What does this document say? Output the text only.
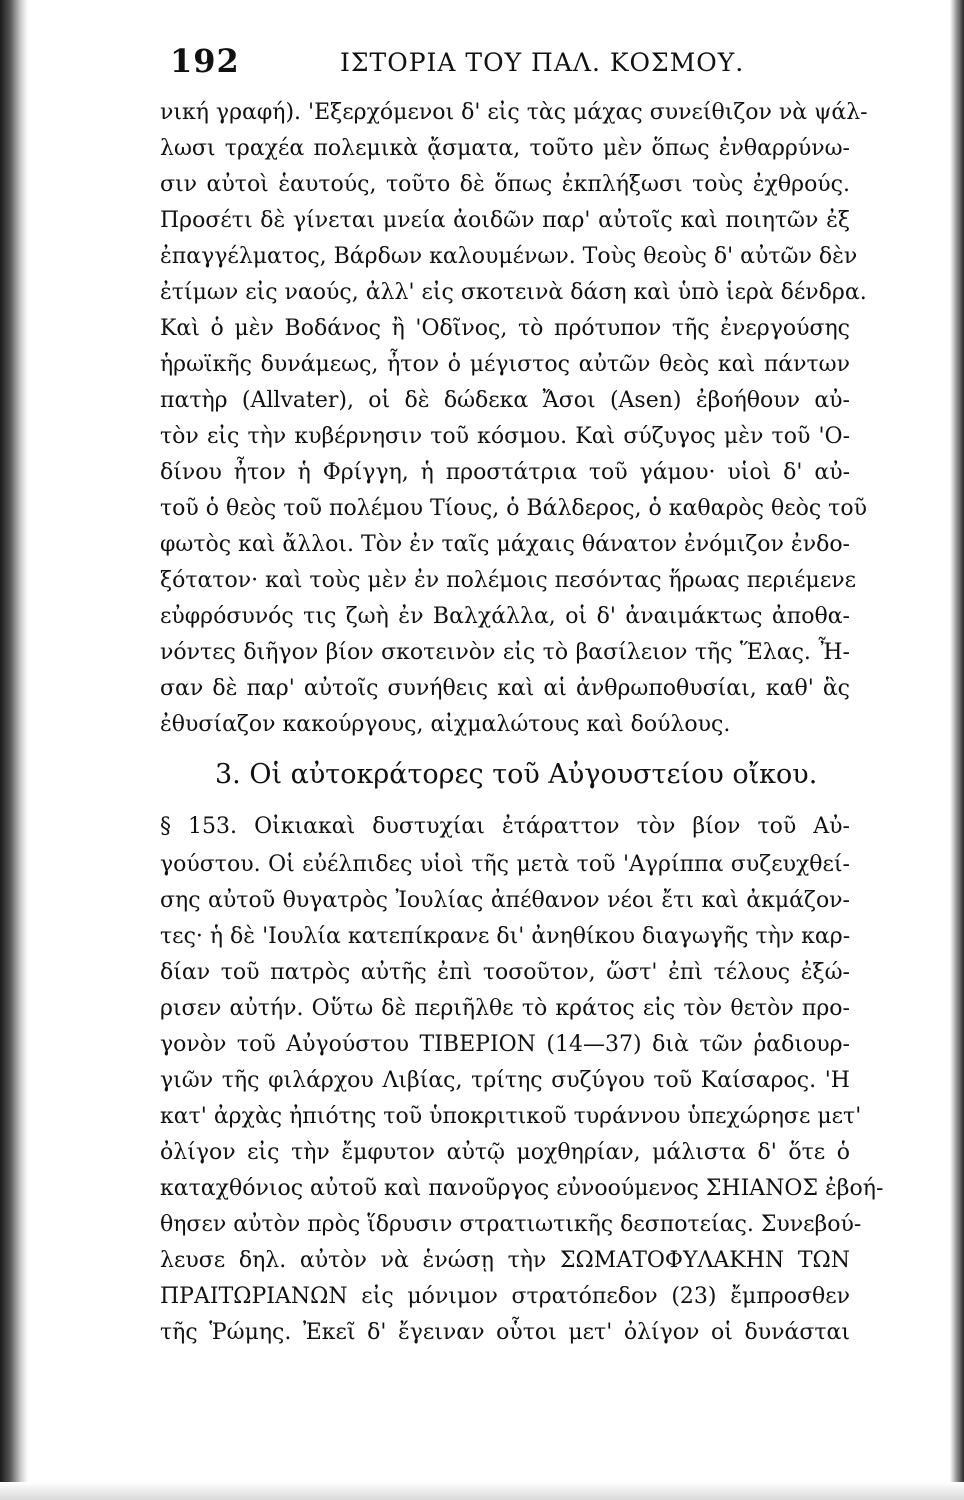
192	ΙΣΤΟΡΙΑ ΤΟΥ ΠΑΛ. ΚΟΣΜΟΥ.
νική γραφή). 'Εξερχόμενοι δ' εἰς τὰς μάχας συνείθιζον νὰ ψάλ-
λωσι τραχέα πολεμικὰ ᾄσματα, τοῦτο μὲν ὅπως ἐνθαρρύνω-
σιν αὐτοὶ ἑαυτούς, τοῦτο δὲ ὅπως ἐκπλήξωσι τοὺς ἐχθρούς.
Προσέτι δὲ γίνεται μνεία ἀοιδῶν παρ' αὐτοῖς καὶ ποιητῶν ἐξ
ἐπαγγέλματος, Βάρδων καλουμένων. Τοὺς θεοὺς δ' αὐτῶν δὲν
ἐτίμων εἰς ναούς, ἀλλ' εἰς σκοτεινὰ δάση καὶ ὑπὸ ἱερὰ δένδρα.
Καὶ ὁ μὲν Βοδάνος ἢ 'Οδῖνος, τὸ πρότυπον τῆς ἐνεργούσης
ἡρωϊκῆς δυνάμεως, ἦτον ὁ μέγιστος αὐτῶν θεὸς καὶ πάντων
πατὴρ (Allvater), οἱ δὲ δώδεκα Ἄσοι (Asen) ἐβοήθουν αὐ-
τὸν εἰς τὴν κυβέρνησιν τοῦ κόσμου. Καὶ σύζυγος μὲν τοῦ 'Ο-
δίνου ἦτον ἡ Φρίγγη, ἡ προστάτρια τοῦ γάμου· υἱοὶ δ' αὐ-
τοῦ ὁ θεὸς τοῦ πολέμου Τίους, ὁ Βάλδερος, ὁ καθαρὸς θεὸς τοῦ
φωτὸς καὶ ἄλλοι. Τὸν ἐν ταῖς μάχαις θάνατον ἐνόμιζον ἐνδο-
ξότατον· καὶ τοὺς μὲν ἐν πολέμοις πεσόντας ἥρωας περιέμενε
εὐφρόσυνός τις ζωὴ ἐν Βαλχάλλα, οἱ δ' ἀναιμάκτως ἀποθα-
νόντες διῆγον βίον σκοτεινὸν εἰς τὸ βασίλειον τῆς Ἕλας. Ἦ-
σαν δὲ παρ' αὐτοῖς συνήθεις καὶ αἱ ἀνθρωποθυσίαι, καθ' ἃς
ἐθυσίαζον κακούργους, αἰχμαλώτους καὶ δούλους.
3. Οἱ αὐτοκράτορες τοῦ Αὐγουστείου οἴκου.
§ 153. Οἰκιακαὶ δυστυχίαι ἐτάραττον τὸν βίον τοῦ Αὐ-
γούστου. Οἱ εὐέλπιδες υἱοὶ τῆς μετὰ τοῦ 'Αγρίππα συζευχθεί-
σης αὐτοῦ θυγατρὸς Ἰουλίας ἀπέθανον νέοι ἔτι καὶ ἀκμάζον-
τες· ἡ δὲ 'Ιουλία κατεπίκρανε δι' ἀνηθίκου διαγωγῆς τὴν καρ-
δίαν τοῦ πατρὸς αὐτῆς ἐπὶ τοσοῦτον, ὥστ' ἐπὶ τέλους ἐξώ-
ρισεν αὐτήν. Οὕτω δὲ περιῆλθε τὸ κράτος εἰς τὸν θετὸν προ-
γονὸν τοῦ Αὐγούστου ΤΙΒΕΡΙΟΝ (14—37) διὰ τῶν ῥαδιουρ-
γιῶν τῆς φιλάρχου Λιβίας, τρίτης συζύγου τοῦ Καίσαρος. 'Η
κατ' ἀρχὰς ἠπιότης τοῦ ὑποκριτικοῦ τυράννου ὑπεχώρησε μετ'
ὀλίγον εἰς τὴν ἔμφυτον αὐτῷ μοχθηρίαν, μάλιστα δ' ὅτε ὁ
καταχθόνιος αὐτοῦ καὶ πανοῦργος εὐνοούμενος ΣΗΙΑΝΟΣ ἐβοή-
θησεν αὐτὸν πρὸς ἵδρυσιν στρατιωτικῆς δεσποτείας. Συνεβού-
λευσε δηλ. αὐτὸν νὰ ἑνώσῃ τὴν ΣΩΜΑΤΟΦΥΛΑΚΗΝ ΤΩΝ
ΠΡΑΙΤΩΡΙΑΝΩΝ εἰς μόνιμον στρατόπεδον (23) ἔμπροσθεν
τῆς Ῥώμης. Ἐκεῖ δ' ἔγειναν οὗτοι μετ' ὀλίγον οἱ δυνάσται
